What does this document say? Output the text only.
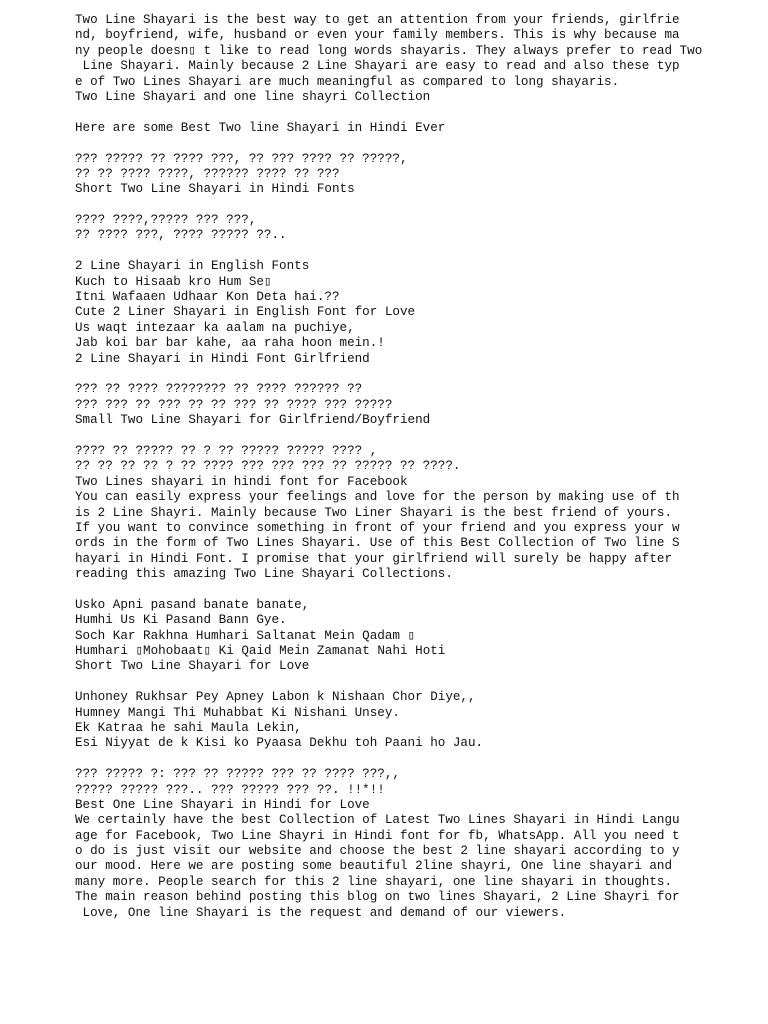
Two Line Shayari is the best way to get an attention from your friends, girlfrie
nd, boyfriend, wife, husband or even your family members. This is why because ma
ny people doesn▯ t like to read long words shayaris. They always prefer to read Two
Line Shayari. Mainly because 2 Line Shayari are easy to read and also these typ
e of Two Lines Shayari are much meaningful as compared to long shayaris.
Two Line Shayari and one line shayri Collection
Here are some Best Two line Shayari in Hindi Ever
??? ????? ?? ???? ???, ?? ??? ???? ?? ?????,
?? ?? ???? ????, ?????? ???? ?? ???
Short Two Line Shayari in Hindi Fonts
???? ????,????? ??? ???,
?? ???? ???, ???? ????? ??..
2 Line Shayari in English Fonts
Kuch to Hisaab kro Hum Se▯
Itni Wafaaen Udhaar Kon Deta hai.??
Cute 2 Liner Shayari in English Font for Love
Us waqt intezaar ka aalam na puchiye,
Jab koi bar bar kahe, aa raha hoon mein.!
2 Line Shayari in Hindi Font Girlfriend
??? ?? ???? ???????? ?? ???? ?????? ??
??? ??? ?? ??? ?? ?? ??? ?? ???? ??? ?????
Small Two Line Shayari for Girlfriend/Boyfriend
???? ?? ????? ?? ? ?? ????? ????? ???? ,
?? ?? ?? ?? ? ?? ???? ??? ??? ??? ?? ????? ?? ????.
Two Lines shayari in hindi font for Facebook
You can easily express your feelings and love for the person by making use of th
is 2 Line Shayri. Mainly because Two Liner Shayari is the best friend of yours.
If you want to convince something in front of your friend and you express your w
ords in the form of Two Lines Shayari. Use of this Best Collection of Two line S
hayari in Hindi Font. I promise that your girlfriend will surely be happy after
reading this amazing Two Line Shayari Collections.
Usko Apni pasand banate banate,
Humhi Us Ki Pasand Bann Gye.
Soch Kar Rakhna Humhari Saltanat Mein Qadam ▯
Humhari ▯Mohobaat▯ Ki Qaid Mein Zamanat Nahi Hoti
Short Two Line Shayari for Love
Unhoney Rukhsar Pey Apney Labon k Nishaan Chor Diye,,
Humney Mangi Thi Muhabbat Ki Nishani Unsey.
Ek Katraa he sahi Maula Lekin,
Esi Niyyat de k Kisi ko Pyaasa Dekhu toh Paani ho Jau.
??? ????? ?: ??? ?? ????? ??? ?? ???? ???,,
????? ????? ???.. ??? ????? ??? ??. !!*!!
Best One Line Shayari in Hindi for Love
We certainly have the best Collection of Latest Two Lines Shayari in Hindi Langu
age for Facebook, Two Line Shayri in Hindi font for fb, WhatsApp. All you need t
o do is just visit our website and choose the best 2 line shayari according to y
our mood. Here we are posting some beautiful 2line shayri, One line shayari and
many more. People search for this 2 line shayari, one line shayari in thoughts.
The main reason behind posting this blog on two lines Shayari, 2 Line Shayri for
Love, One line Shayari is the request and demand of our viewers.
